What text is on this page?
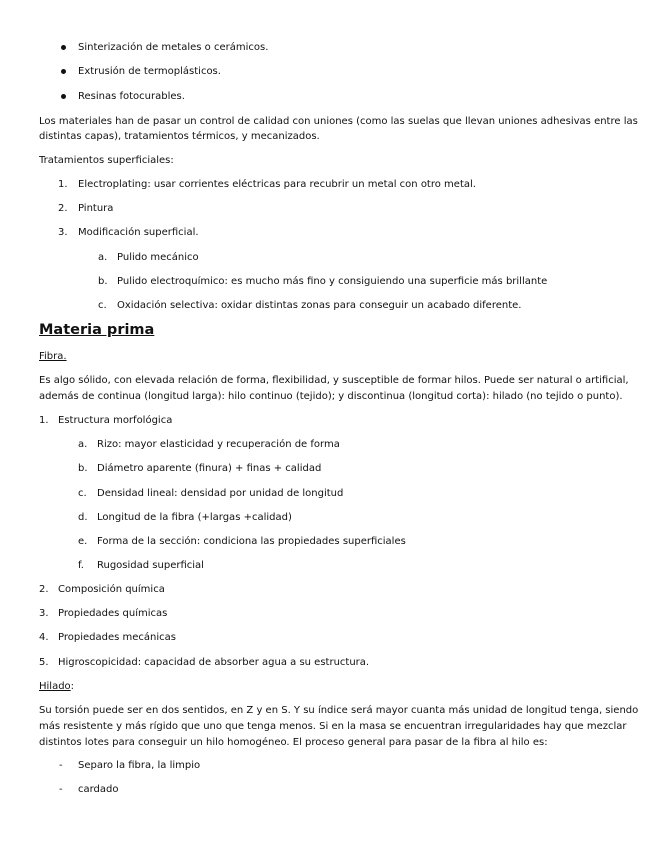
Sinterización de metales o cerámicos.
Extrusión de termoplásticos.
Resinas fotocurables.
Los materiales han de pasar un control de calidad con uniones (como las suelas que llevan uniones adhesivas entre las
distintas capas), tratamientos térmicos, y mecanizados.
Tratamientos superficiales:
1. Electroplating: usar corrientes eléctricas para recubrir un metal con otro metal.
2. Pintura
3. Modificación superficial.
a. Pulido mecánico
b. Pulido electroquímico: es mucho más fino y consiguiendo una superficie más brillante
c. Oxidación selectiva: oxidar distintas zonas para conseguir un acabado diferente.
Materia prima
Fibra.
Es algo sólido, con elevada relación de forma, flexibilidad, y susceptible de formar hilos. Puede ser natural o artificial,
además de continua (longitud larga): hilo continuo (tejido); y discontinua (longitud corta): hilado (no tejido o punto).
1. Estructura morfológica
a. Rizo: mayor elasticidad y recuperación de forma
b. Diámetro aparente (finura) + finas + calidad
c. Densidad lineal: densidad por unidad de longitud
d. Longitud de la fibra (+largas +calidad)
e. Forma de la sección: condiciona las propiedades superficiales
f. Rugosidad superficial
2. Composición química
3. Propiedades químicas
4. Propiedades mecánicas
5. Higroscopicidad: capacidad de absorber agua a su estructura.
Hilado:
Su torsión puede ser en dos sentidos, en Z y en S. Y su índice será mayor cuanta más unidad de longitud tenga, siendo
más resistente y más rígido que uno que tenga menos. Si en la masa se encuentran irregularidades hay que mezclar
distintos lotes para conseguir un hilo homogéneo. El proceso general para pasar de la fibra al hilo es:
- Separo la fibra, la limpio
- cardado
